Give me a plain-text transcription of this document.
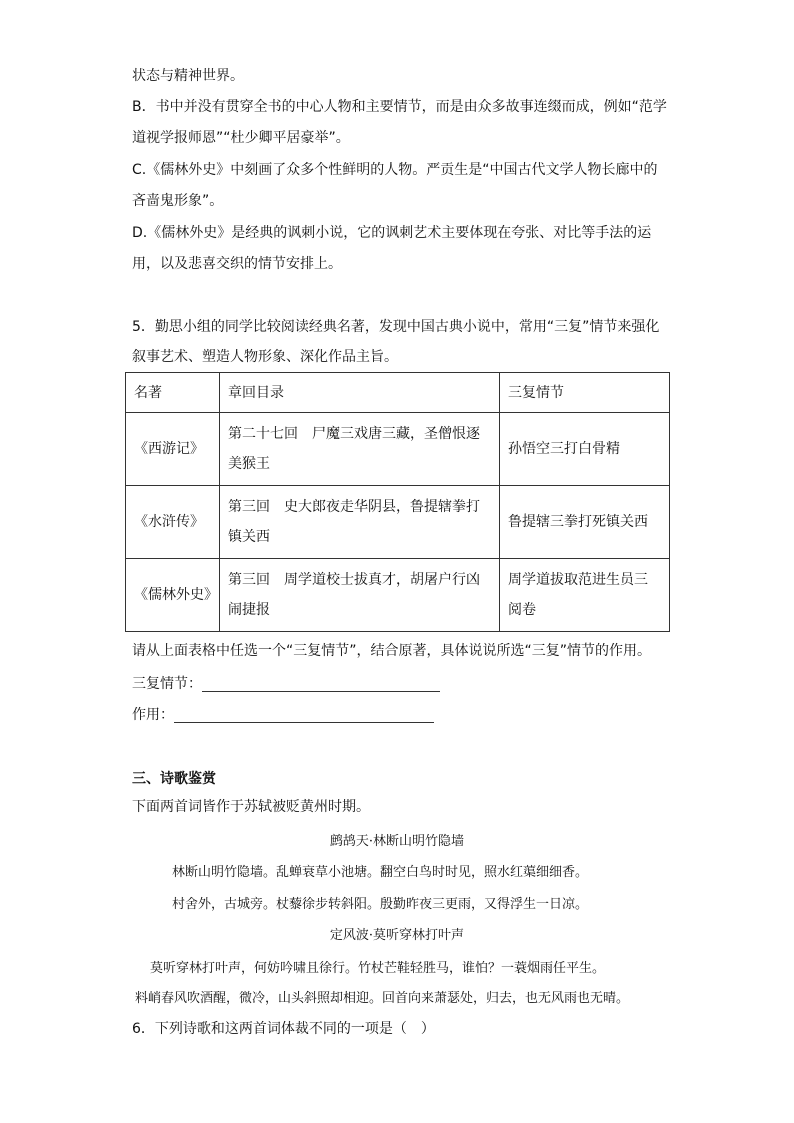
状态与精神世界。
B．书中并没有贯穿全书的中心人物和主要情节，而是由众多故事连缀而成，例如“范学
道视学报师恩”“杜少卿平居豪举”。
C.《儒林外史》中刻画了众多个性鲜明的人物。严贡生是“中国古代文学人物长廊中的
吝啬鬼形象”。
D.《儒林外史》是经典的讽刺小说，它的讽刺艺术主要体现在夸张、对比等手法的运
用，以及悲喜交织的情节安排上。
5．勤思小组的同学比较阅读经典名著，发现中国古典小说中，常用“三复”情节来强化
叙事艺术、塑造人物形象、深化作品主旨。
名著	章回目录	三复情节
《西游记》	第二十七回　尸魔三戏唐三藏，圣僧恨逐美猴王	孙悟空三打白骨精
《水浒传》	第三回　史大郎夜走华阴县，鲁提辖拳打镇关西	鲁提辖三拳打死镇关西
《儒林外史》	第三回　周学道校士拔真才，胡屠户行凶闹捷报	周学道拔取范进生员三阅卷
请从上面表格中任选一个“三复情节”，结合原著，具体说说所选“三复”情节的作用。
三复情节：
作用：
三、诗歌鉴赏
下面两首词皆作于苏轼被贬黄州时期。
鹧鸪天·林断山明竹隐墙
林断山明竹隐墙。乱蝉衰草小池塘。翻空白鸟时时见，照水红蕖细细香。
村舍外，古城旁。杖藜徐步转斜阳。殷勤昨夜三更雨，又得浮生一日凉。
定风波·莫听穿林打叶声
莫听穿林打叶声，何妨吟啸且徐行。竹杖芒鞋轻胜马，谁怕？一蓑烟雨任平生。
料峭春风吹酒醒，微冷，山头斜照却相迎。回首向来萧瑟处，归去，也无风雨也无晴。
6．下列诗歌和这两首词体裁不同的一项是（　）
